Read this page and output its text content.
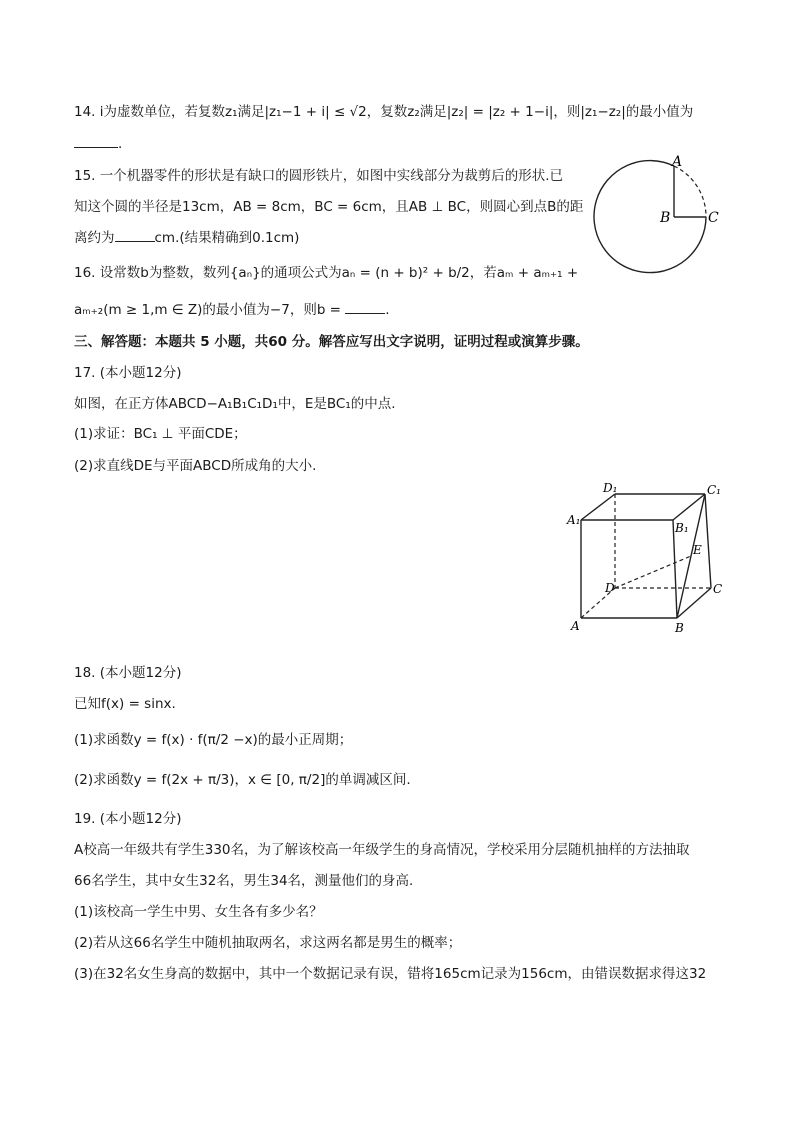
14. i为虚数单位，若复数z₁满足|z₁−1 + i| ≤ √2，复数z₂满足|z₂| = |z₂ + 1−i|，则|z₁−z₂|的最小值为
.
15. 一个机器零件的形状是有缺口的圆形铁片，如图中实线部分为裁剪后的形状.已
知这个圆的半径是13cm，AB = 8cm，BC = 6cm，且AB ⊥ BC，则圆心到点B的距
离约为	cm.(结果精确到0.1cm)
A
B	C
16. 设常数b为整数，数列{aₙ}的通项公式为aₙ = (n + b)² + b/2，若aₘ + aₘ₊₁ +
aₘ₊₂(m ≥ 1,m ∈ Z)的最小值为−7，则b =	.
三、解答题：本题共 5 小题，共60 分。解答应写出文字说明，证明过程或演算步骤。
17. (本小题12分)
如图，在正方体ABCD−A₁B₁C₁D₁中，E是BC₁的中点.
(1)求证：BC₁ ⊥ 平面CDE；
(2)求直线DE与平面ABCD所成角的大小.
D₁	C₁
A₁
B₁
E
D	C
A	B
18. (本小题12分)
已知f(x) = sinx.
(1)求函数y = f(x) · f(π/2 −x)的最小正周期；
(2)求函数y = f(2x + π/3)，x ∈ [0, π/2]的单调减区间.
19. (本小题12分)
A校高一年级共有学生330名，为了解该校高一年级学生的身高情况，学校采用分层随机抽样的方法抽取
66名学生，其中女生32名，男生34名，测量他们的身高.
(1)该校高一学生中男、女生各有多少名？
(2)若从这66名学生中随机抽取两名，求这两名都是男生的概率；
(3)在32名女生身高的数据中，其中一个数据记录有误，错将165cm记录为156cm，由错误数据求得这32
